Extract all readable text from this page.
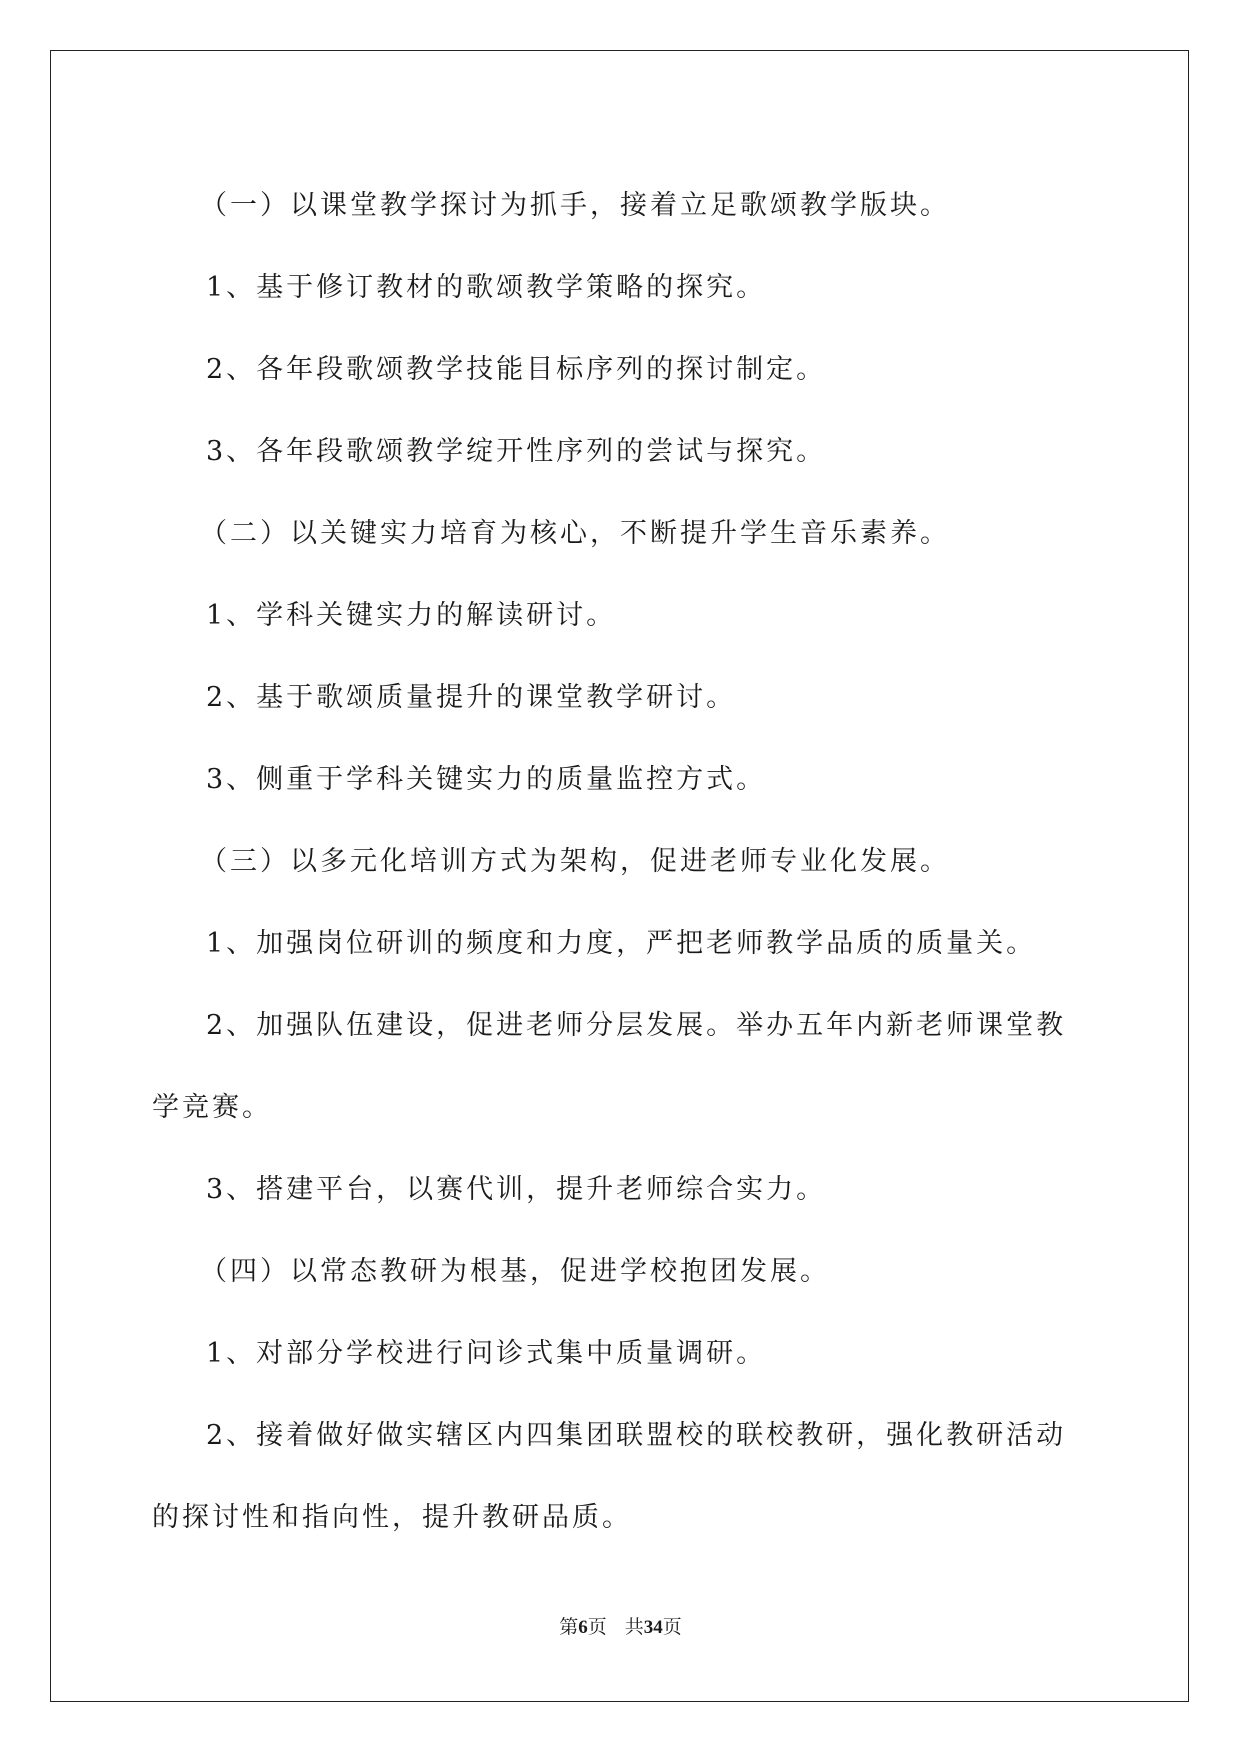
（一）以课堂教学探讨为抓手，接着立足歌颂教学版块。

1、基于修订教材的歌颂教学策略的探究。

2、各年段歌颂教学技能目标序列的探讨制定。

3、各年段歌颂教学绽开性序列的尝试与探究。

（二）以关键实力培育为核心，不断提升学生音乐素养。

1、学科关键实力的解读研讨。

2、基于歌颂质量提升的课堂教学研讨。

3、侧重于学科关键实力的质量监控方式。

（三）以多元化培训方式为架构，促进老师专业化发展。

1、加强岗位研训的频度和力度，严把老师教学品质的质量关。

2、加强队伍建设，促进老师分层发展。举办五年内新老师课堂教学竞赛。

3、搭建平台，以赛代训，提升老师综合实力。

（四）以常态教研为根基，促进学校抱团发展。

1、对部分学校进行问诊式集中质量调研。

2、接着做好做实辖区内四集团联盟校的联校教研，强化教研活动的探讨性和指向性，提升教研品质。

第6页 共34页
